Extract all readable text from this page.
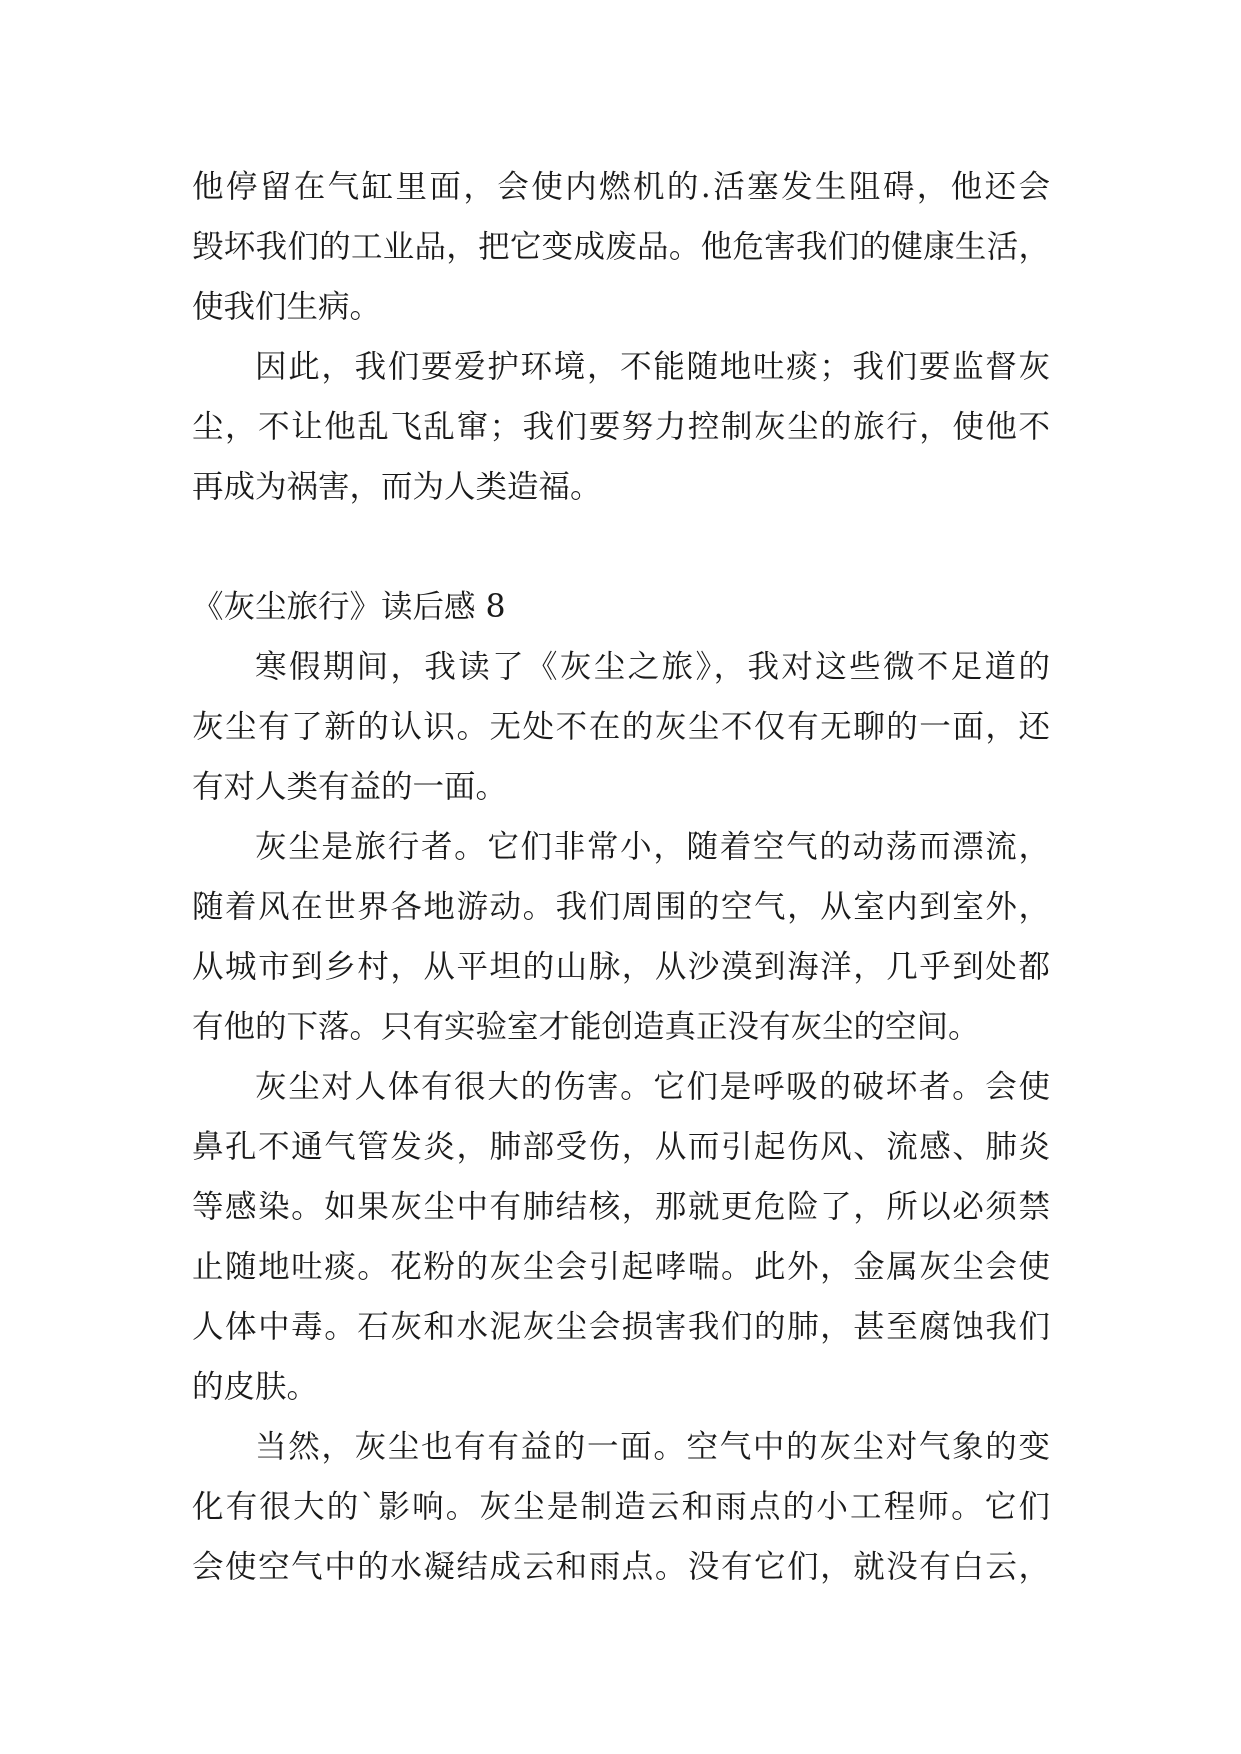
他停留在气缸里面，会使内燃机的.活塞发生阻碍，他还会
毁坏我们的工业品，把它变成废品。他危害我们的健康生活，
使我们生病。
因此，我们要爱护环境，不能随地吐痰；我们要监督灰
尘，不让他乱飞乱窜；我们要努力控制灰尘的旅行，使他不
再成为祸害，而为人类造福。
《灰尘旅行》读后感 8
寒假期间，我读了《灰尘之旅》，我对这些微不足道的
灰尘有了新的认识。无处不在的灰尘不仅有无聊的一面，还
有对人类有益的一面。
灰尘是旅行者。它们非常小，随着空气的动荡而漂流，
随着风在世界各地游动。我们周围的空气，从室内到室外，
从城市到乡村，从平坦的山脉，从沙漠到海洋，几乎到处都
有他的下落。只有实验室才能创造真正没有灰尘的空间。
灰尘对人体有很大的伤害。它们是呼吸的破坏者。会使
鼻孔不通气管发炎，肺部受伤，从而引起伤风、流感、肺炎
等感染。如果灰尘中有肺结核，那就更危险了，所以必须禁
止随地吐痰。花粉的灰尘会引起哮喘。此外，金属灰尘会使
人体中毒。石灰和水泥灰尘会损害我们的肺，甚至腐蚀我们
的皮肤。
当然，灰尘也有有益的一面。空气中的灰尘对气象的变
化有很大的`影响。灰尘是制造云和雨点的小工程师。它们
会使空气中的水凝结成云和雨点。没有它们，就没有白云，
